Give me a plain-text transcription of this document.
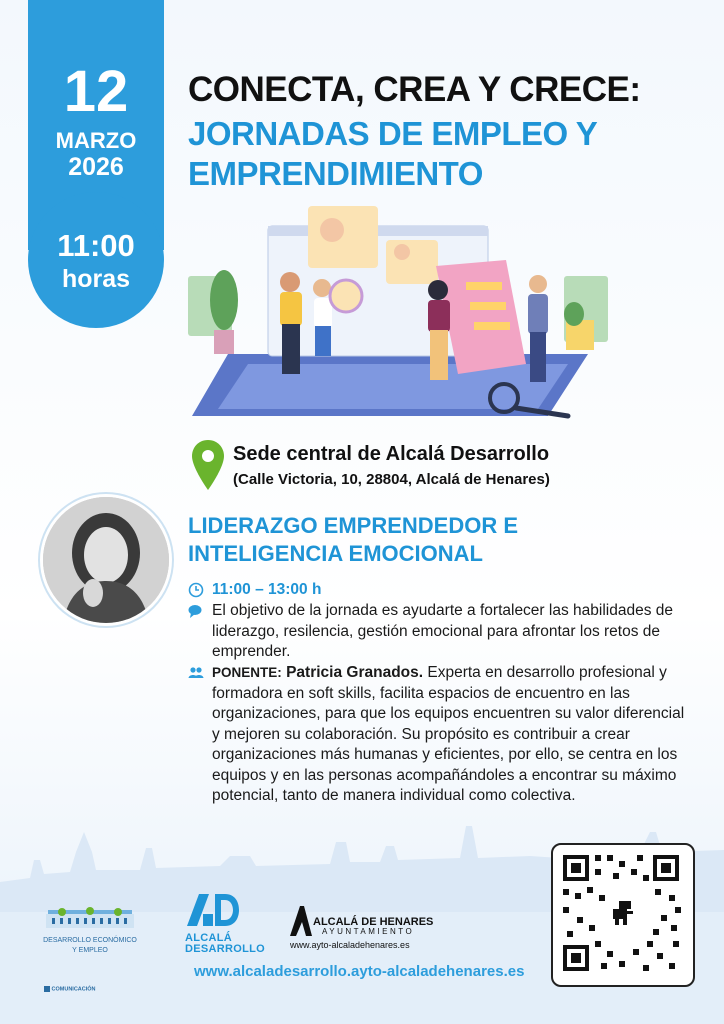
12
MARZO
2026
11:00
horas
CONECTA, CREA Y CRECE:
JORNADAS DE EMPLEO Y EMPRENDIMIENTO
Sede central de Alcalá Desarrollo
(Calle Victoria, 10, 28804, Alcalá de Henares)
LIDERAZGO EMPRENDEDOR E INTELIGENCIA EMOCIONAL
11:00 – 13:00 h
El objetivo de la jornada es ayudarte a fortalecer las habilidades de liderazgo, resilencia, gestión emocional para afrontar los retos de emprender.
PONENTE: Patricia Granados. Experta en desarrollo profesional y formadora en soft skills, facilita espacios de encuentro en las organizaciones, para que los equipos encuentren su valor diferencial y mejoren su colaboración. Su propósito es contribuir a crear organizaciones más humanas y eficientes, por ello, se centra en los equipos y en las personas acompañándoles a encontrar su máximo potencial, tanto de manera individual como colectiva.
DESARROLLO ECONÓMICO
Y EMPLEO
ALCALÁ
DESARROLLO
ALCALÁ DE HENARES
AYUNTAMIENTO
www.ayto-alcaladehenares.es
www.alcaladesarrollo.ayto-alcaladehenares.es
COMUNICACIÓN
